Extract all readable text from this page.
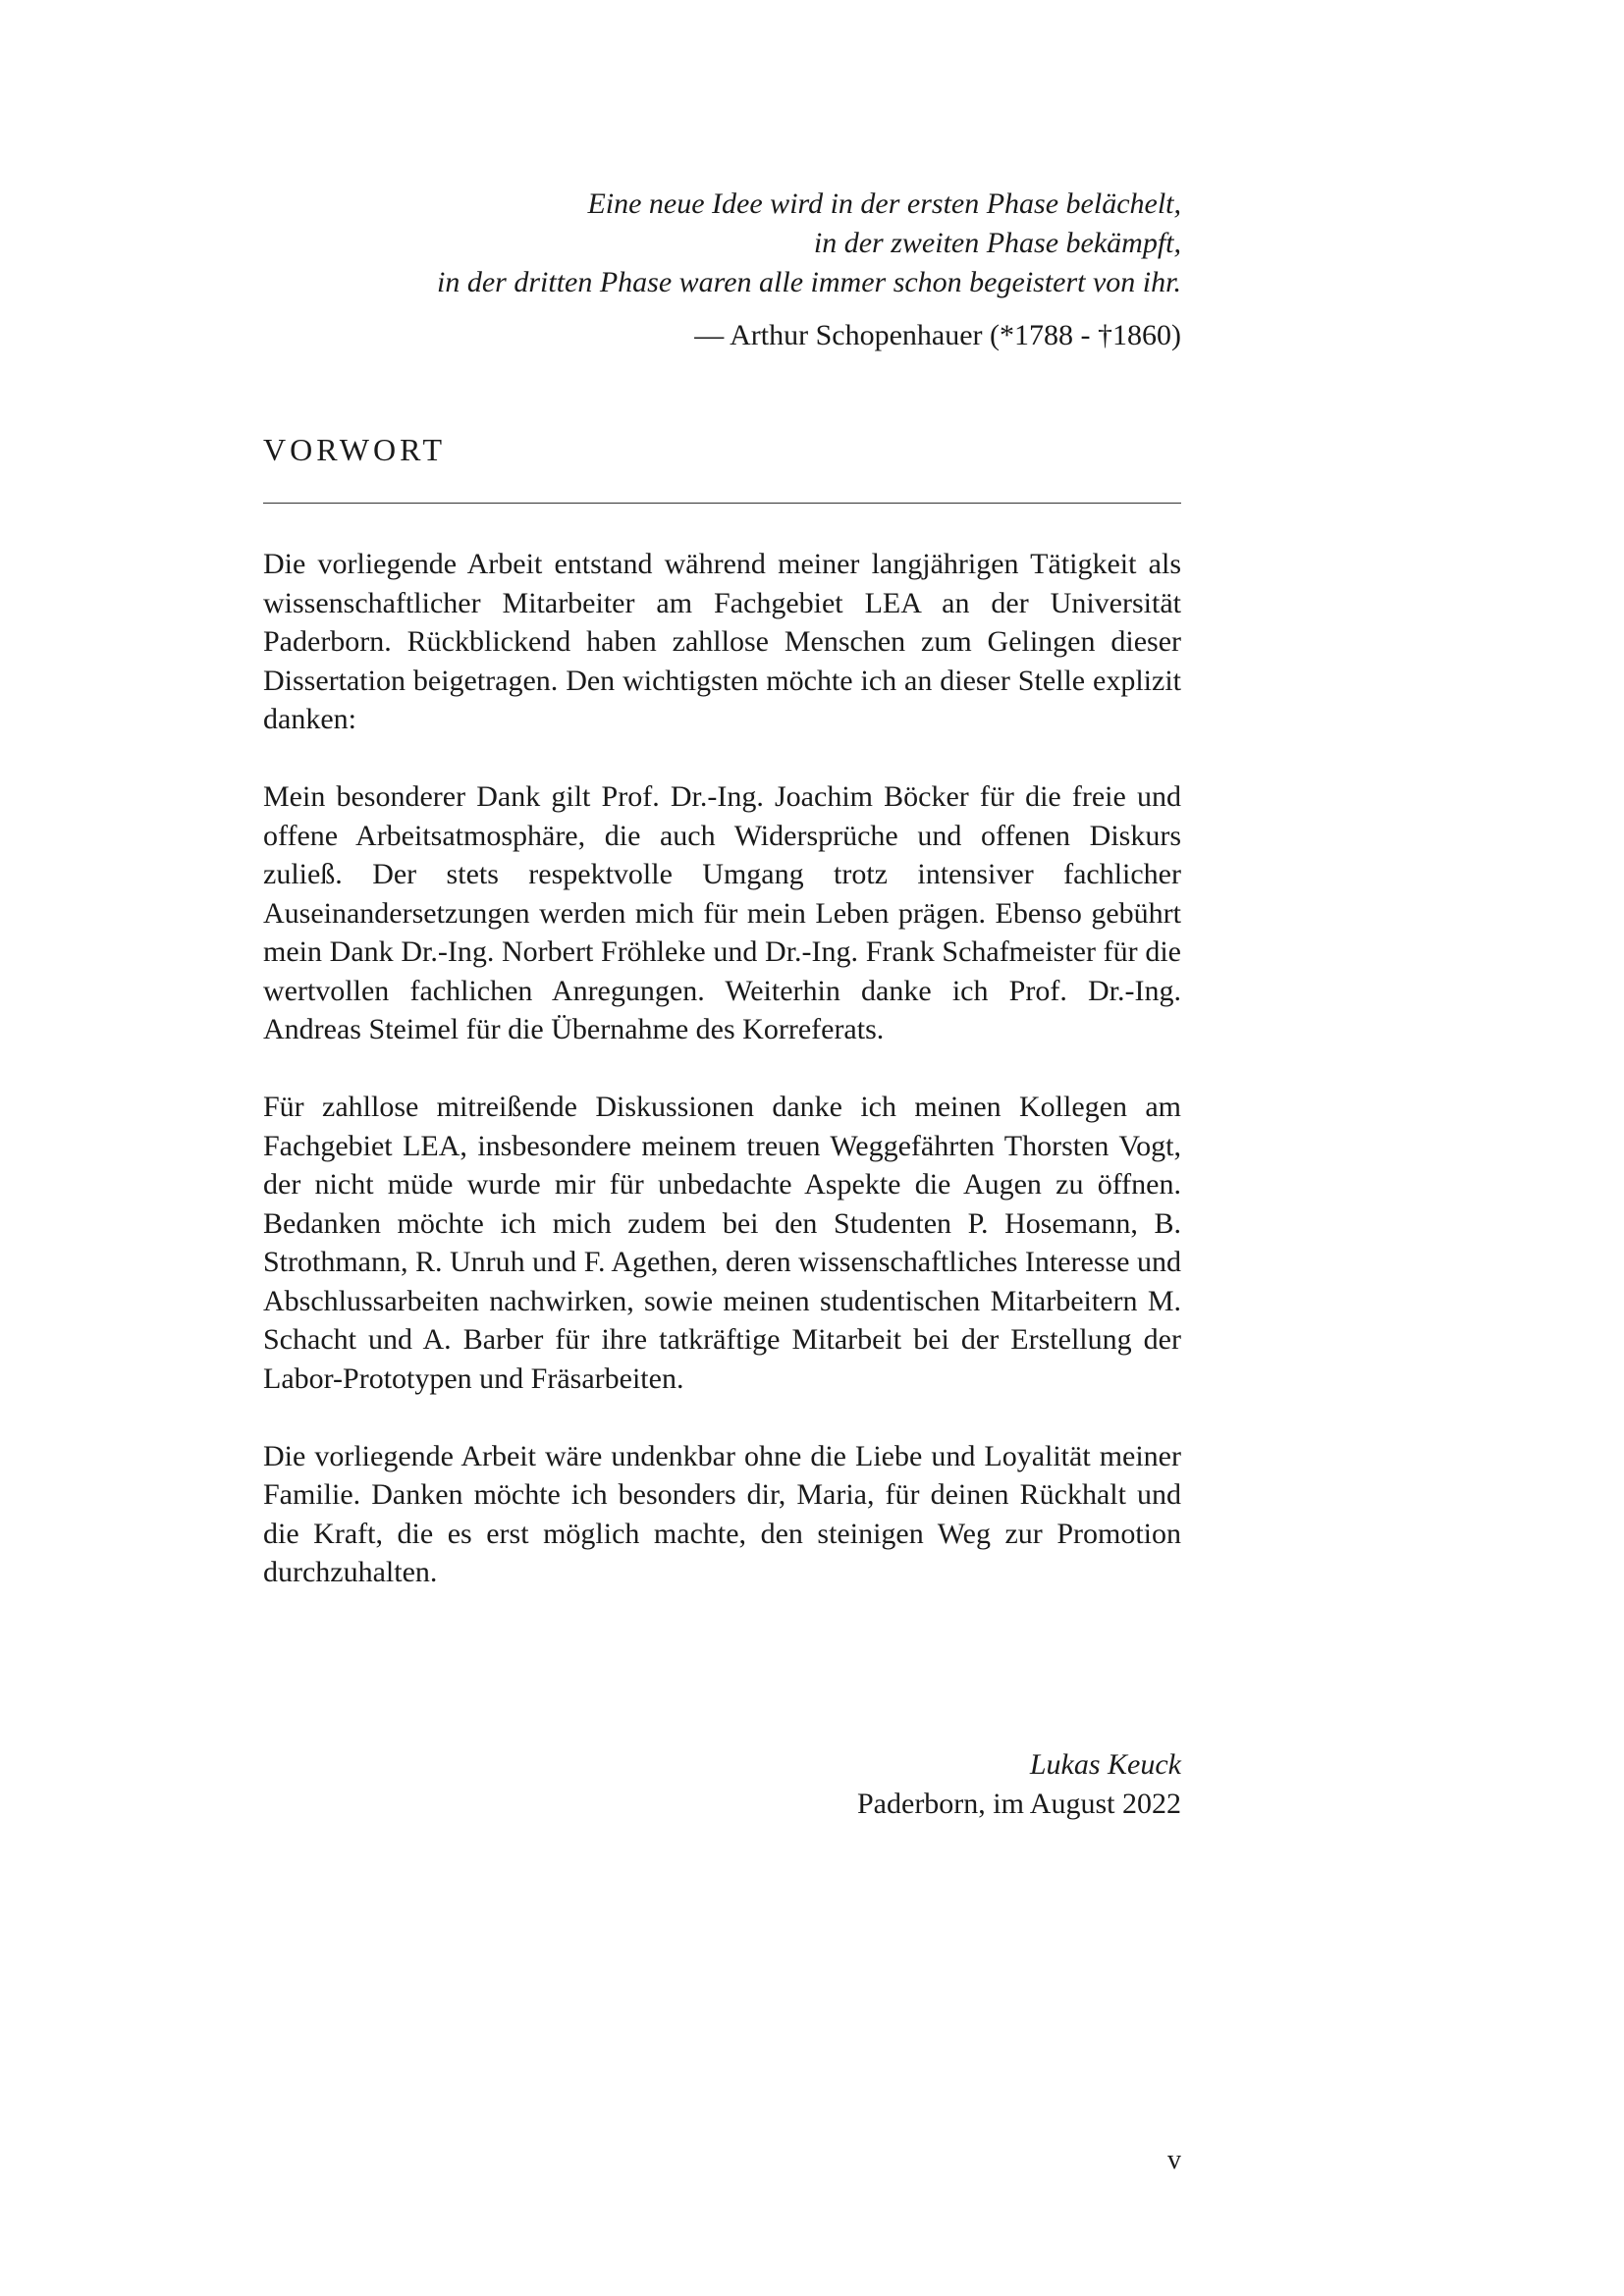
Eine neue Idee wird in der ersten Phase belächelt,
in der zweiten Phase bekämpft,
in der dritten Phase waren alle immer schon begeistert von ihr.
— Arthur Schopenhauer (*1788 - †1860)
VORWORT

Die vorliegende Arbeit entstand während meiner langjährigen Tätigkeit als wissenschaftlicher Mitarbeiter am Fachgebiet LEA an der Universität Paderborn. Rückblickend haben zahllose Menschen zum Gelingen dieser Dissertation beigetragen. Den wichtigsten möchte ich an dieser Stelle explizit danken:

Mein besonderer Dank gilt Prof. Dr.-Ing. Joachim Böcker für die freie und offene Arbeitsatmosphäre, die auch Widersprüche und offenen Diskurs zuließ. Der stets respektvolle Umgang trotz intensiver fachlicher Auseinandersetzungen werden mich für mein Leben prägen. Ebenso gebührt mein Dank Dr.-Ing. Norbert Fröhleke und Dr.-Ing. Frank Schafmeister für die wertvollen fachlichen Anregungen. Weiterhin danke ich Prof. Dr.-Ing. Andreas Steimel für die Übernahme des Korreferats.

Für zahllose mitreißende Diskussionen danke ich meinen Kollegen am Fachgebiet LEA, insbesondere meinem treuen Weggefährten Thorsten Vogt, der nicht müde wurde mir für unbedachte Aspekte die Augen zu öffnen. Bedanken möchte ich mich zudem bei den Studenten P. Hosemann, B. Strothmann, R. Unruh und F. Agethen, deren wissenschaftliches Interesse und Abschlussarbeiten nachwirken, sowie meinen studentischen Mitarbeitern M. Schacht und A. Barber für ihre tatkräftige Mitarbeit bei der Erstellung der Labor-Prototypen und Fräsarbeiten.

Die vorliegende Arbeit wäre undenkbar ohne die Liebe und Loyalität meiner Familie. Danken möchte ich besonders dir, Maria, für deinen Rückhalt und die Kraft, die es erst möglich machte, den steinigen Weg zur Promotion durchzuhalten.

Lukas Keuck
Paderborn, im August 2022
v
